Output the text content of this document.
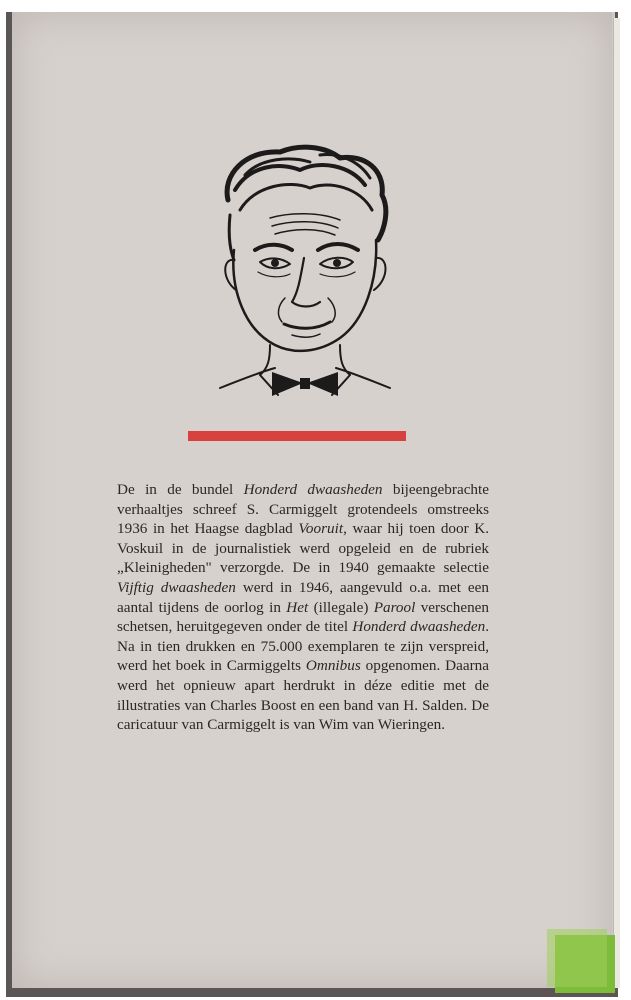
De in de bundel Honderd dwaasheden bijeengebrachte verhaaltjes schreef S. Carmiggelt grotendeels omstreeks 1936 in het Haagse dagblad Vooruit, waar hij toen door K. Voskuil in de journalistiek werd opgeleid en de rubriek „Kleinigheden" verzorgde. De in 1940 gemaakte selectie Vijftig dwaasheden werd in 1946, aangevuld o.a. met een aantal tijdens de oorlog in Het (illegale) Parool verschenen schetsen, heruitgegeven onder de titel Honderd dwaasheden. Na in tien drukken en 75.000 exemplaren te zijn verspreid, werd het boek in Carmiggelts Omnibus opgenomen. Daarna werd het opnieuw apart herdrukt in déze editie met de illustraties van Charles Boost en een band van H. Salden. De caricatuur van Carmiggelt is van Wim van Wieringen.
